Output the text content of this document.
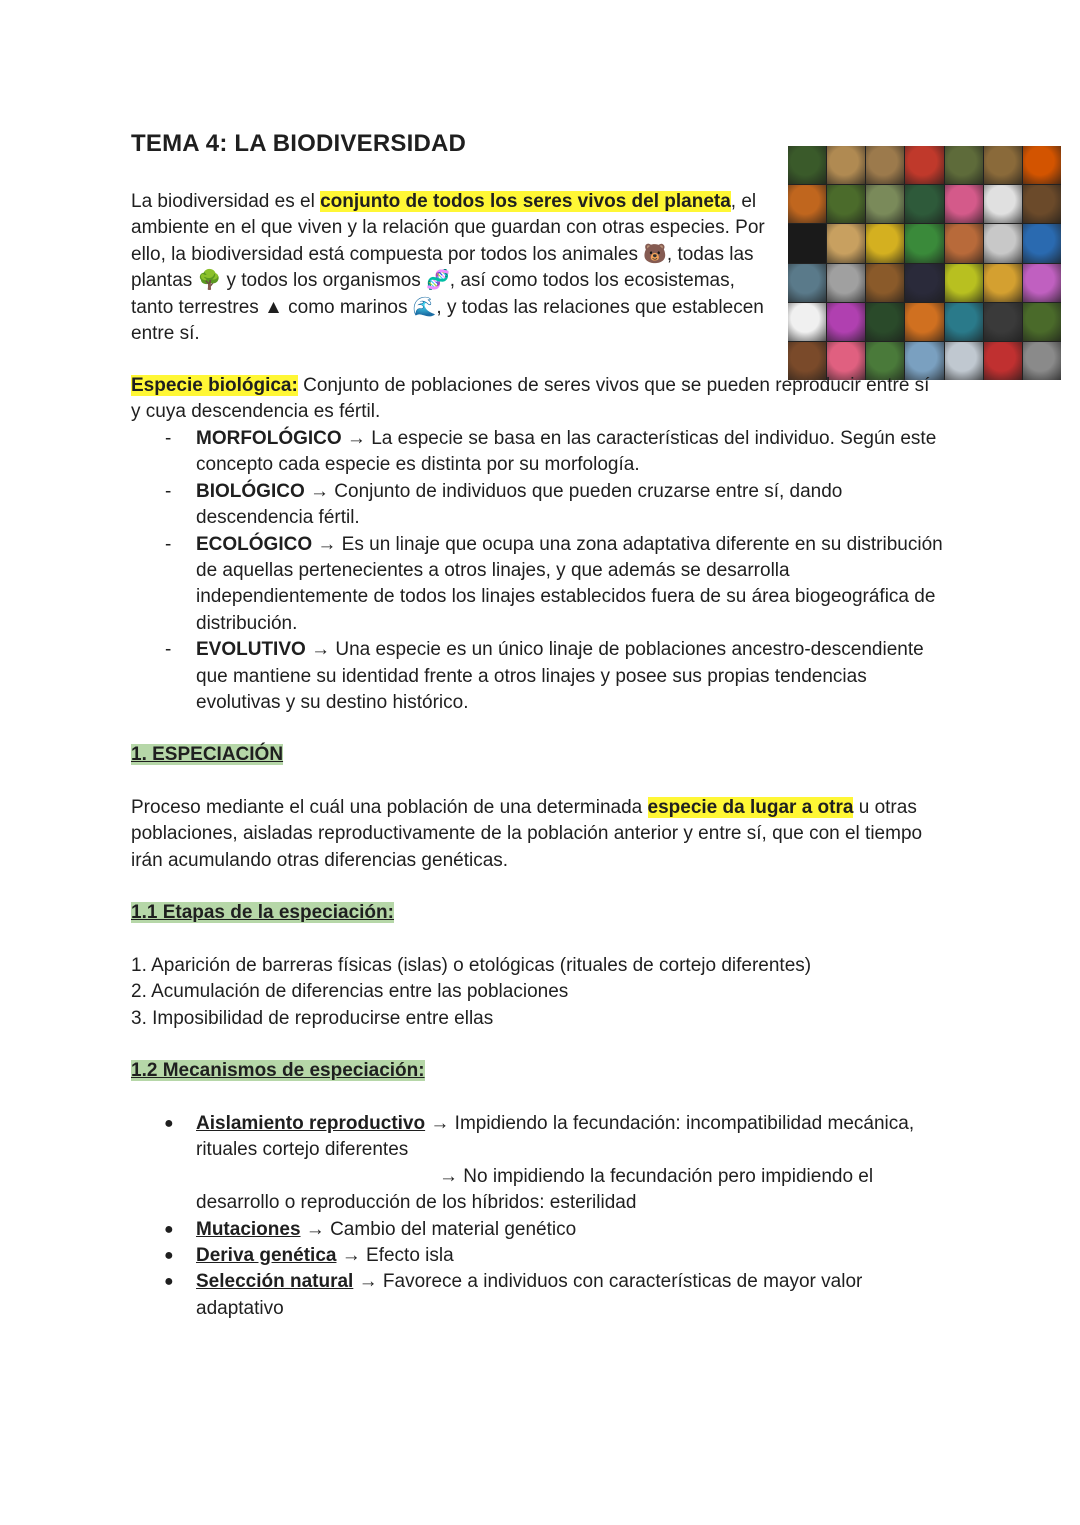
TEMA 4: LA BIODIVERSIDAD

La biodiversidad es el conjunto de todos los seres vivos del planeta, el ambiente en el que viven y la relación que guardan con otras especies. Por ello, la biodiversidad está compuesta por todos los animales 🐻, todas las plantas 🌳 y todos los organismos 🧬, así como todos los ecosistemas, tanto terrestres ▲ como marinos 🌊, y todas las relaciones que establecen entre sí.

Especie biológica: Conjunto de poblaciones de seres vivos que se pueden reproducir entre sí y cuya descendencia es fértil.

- MORFOLÓGICO → La especie se basa en las características del individuo. Según este concepto cada especie es distinta por su morfología.
- BIOLÓGICO → Conjunto de individuos que pueden cruzarse entre sí, dando descendencia fértil.
- ECOLÓGICO → Es un linaje que ocupa una zona adaptativa diferente en su distribución de aquellas pertenecientes a otros linajes, y que además se desarrolla independientemente de todos los linajes establecidos fuera de su área biogeográfica de distribución.
- EVOLUTIVO → Una especie es un único linaje de poblaciones ancestro-descendiente que mantiene su identidad frente a otros linajes y posee sus propias tendencias evolutivas y su destino histórico.

1. ESPECIACIÓN

Proceso mediante el cuál una población de una determinada especie da lugar a otra u otras poblaciones, aisladas reproductivamente de la población anterior y entre sí, que con el tiempo irán acumulando otras diferencias genéticas.

1.1 Etapas de la especiación:

1. Aparición de barreras físicas (islas) o etológicas (rituales de cortejo diferentes)
2. Acumulación de diferencias entre las poblaciones
3. Imposibilidad de reproducirse entre ellas

1.2 Mecanismos de especiación:

● Aislamiento reproductivo → Impidiendo la fecundación: incompatibilidad mecánica, rituales cortejo diferentes
→ No impidiendo la fecundación pero impidiendo el
desarrollo o reproducción de los híbridos: esterilidad
● Mutaciones → Cambio del material genético
● Deriva genética → Efecto isla
● Selección natural → Favorece a individuos con características de mayor valor adaptativo
